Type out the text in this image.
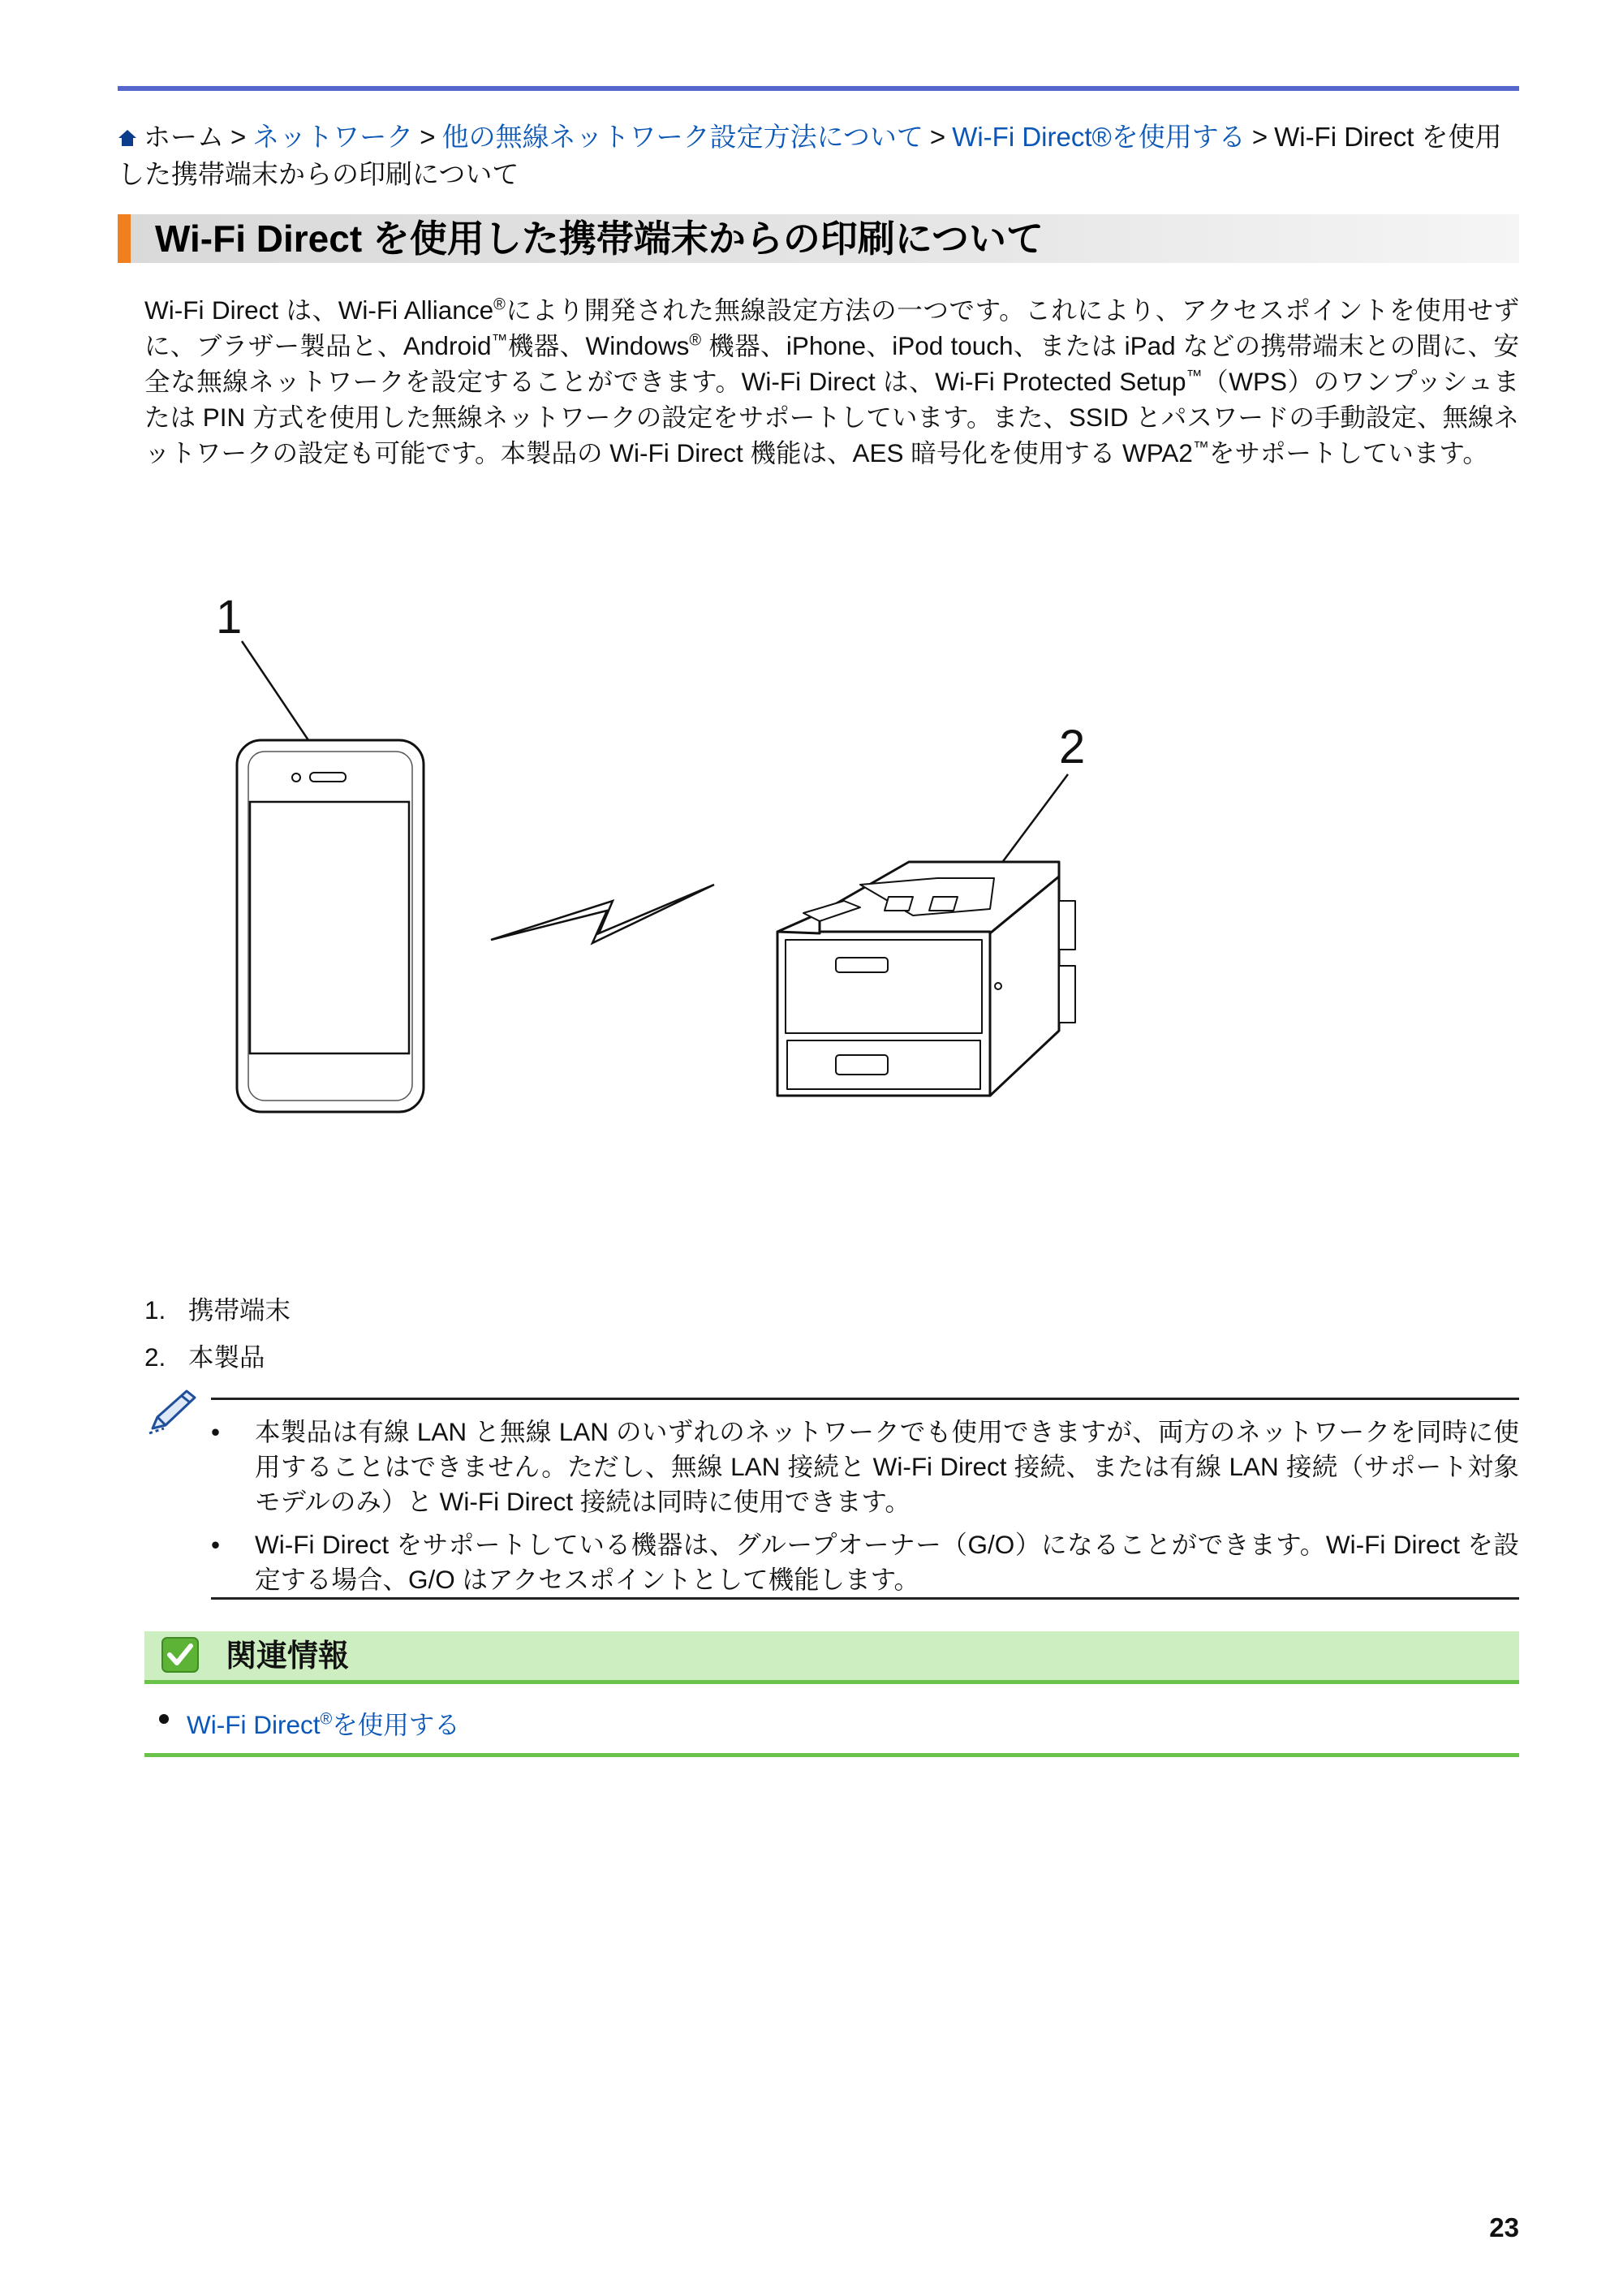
ホーム > ネットワーク > 他の無線ネットワーク設定方法について > Wi-Fi Direct®を使用する > Wi-Fi Direct を使用した携帯端末からの印刷について
Wi-Fi Direct を使用した携帯端末からの印刷について
Wi-Fi Direct は、Wi-Fi Alliance®により開発された無線設定方法の一つです。これにより、アクセスポイントを使用せずに、ブラザー製品と、Android™機器、Windows® 機器、iPhone、iPod touch、または iPad などの携帯端末との間に、安全な無線ネットワークを設定することができます。Wi-Fi Direct は、Wi-Fi Protected Setup™（WPS）のワンプッシュまたは PIN 方式を使用した無線ネットワークの設定をサポートしています。また、SSID とパスワードの手動設定、無線ネットワークの設定も可能です。本製品の Wi-Fi Direct 機能は、AES 暗号化を使用する WPA2™をサポートしています。
1
2
1. 携帯端末
2. 本製品
• 本製品は有線 LAN と無線 LAN のいずれのネットワークでも使用できますが、両方のネットワークを同時に使用することはできません。ただし、無線 LAN 接続と Wi-Fi Direct 接続、または有線 LAN 接続（サポート対象モデルのみ）と Wi-Fi Direct 接続は同時に使用できます。
• Wi-Fi Direct をサポートしている機器は、グループオーナー（G/O）になることができます。Wi-Fi Direct を設定する場合、G/O はアクセスポイントとして機能します。
関連情報
Wi-Fi Direct®を使用する
23
